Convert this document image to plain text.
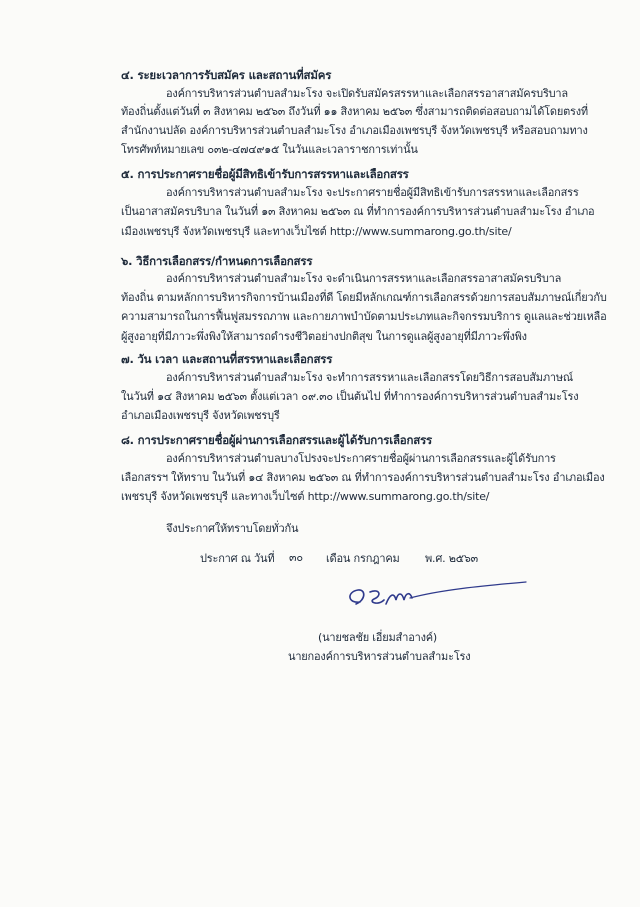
๔. ระยะเวลาการรับสมัคร และสถานที่สมัคร
องค์การบริหารส่วนตำบลสำมะโรง จะเปิดรับสมัครสรรหาและเลือกสรรอาสาสมัครบริบาล
ท้องถิ่นตั้งแต่วันที่ ๓ สิงหาคม ๒๕๖๓ ถึงวันที่ ๑๑ สิงหาคม ๒๕๖๓ ซึ่งสามารถติดต่อสอบถามได้โดยตรงที่
สำนักงานปลัด องค์การบริหารส่วนตำบลสำมะโรง อำเภอเมืองเพชรบุรี จังหวัดเพชรบุรี หรือสอบถามทาง
โทรศัพท์หมายเลข ๐๓๒-๔๗๔๙๑๕ ในวันและเวลาราชการเท่านั้น
๕. การประกาศรายชื่อผู้มีสิทธิเข้ารับการสรรหาและเลือกสรร
องค์การบริหารส่วนตำบลสำมะโรง จะประกาศรายชื่อผู้มีสิทธิเข้ารับการสรรหาและเลือกสรร
เป็นอาสาสมัครบริบาล ในวันที่ ๑๓ สิงหาคม ๒๕๖๓ ณ ที่ทำการองค์การบริหารส่วนตำบลสำมะโรง อำเภอ
เมืองเพชรบุรี จังหวัดเพชรบุรี และทางเว็บไซต์ http://www.summarong.go.th/site/
๖. วิธีการเลือกสรร/กำหนดการเลือกสรร
องค์การบริหารส่วนตำบลสำมะโรง จะดำเนินการสรรหาและเลือกสรรอาสาสมัครบริบาล
ท้องถิ่น ตามหลักการบริหารกิจการบ้านเมืองที่ดี โดยมีหลักเกณฑ์การเลือกสรรด้วยการสอบสัมภาษณ์เกี่ยวกับ
ความสามารถในการฟื้นฟูสมรรถภาพ และกายภาพบำบัดตามประเภทและกิจกรรมบริการ ดูแลและช่วยเหลือ
ผู้สูงอายุที่มีภาวะพึ่งพิงให้สามารถดำรงชีวิตอย่างปกติสุข ในการดูแลผู้สูงอายุที่มีภาวะพึ่งพิง
๗. วัน เวลา และสถานที่สรรหาและเลือกสรร
องค์การบริหารส่วนตำบลสำมะโรง จะทำการสรรหาและเลือกสรรโดยวิธีการสอบสัมภาษณ์
ในวันที่ ๑๔ สิงหาคม ๒๕๖๓ ตั้งแต่เวลา ๐๙.๓๐ เป็นต้นไป ที่ทำการองค์การบริหารส่วนตำบลสำมะโรง
อำเภอเมืองเพชรบุรี จังหวัดเพชรบุรี
๘. การประกาศรายชื่อผู้ผ่านการเลือกสรรและผู้ได้รับการเลือกสรร
องค์การบริหารส่วนตำบลบางโปรงจะประกาศรายชื่อผู้ผ่านการเลือกสรรและผู้ได้รับการ
เลือกสรรฯ ให้ทราบ ในวันที่ ๑๔ สิงหาคม ๒๕๖๓ ณ ที่ทำการองค์การบริหารส่วนตำบลสำมะโรง อำเภอเมือง
เพชรบุรี จังหวัดเพชรบุรี และทางเว็บไซต์ http://www.summarong.go.th/site/
จึงประกาศให้ทราบโดยทั่วกัน
ประกาศ ณ วันที่ ๓๐ เดือน กรกฎาคม พ.ศ. ๒๕๖๓
(นายชลชัย เอี่ยมสำอางค์)
นายกองค์การบริหารส่วนตำบลสำมะโรง
